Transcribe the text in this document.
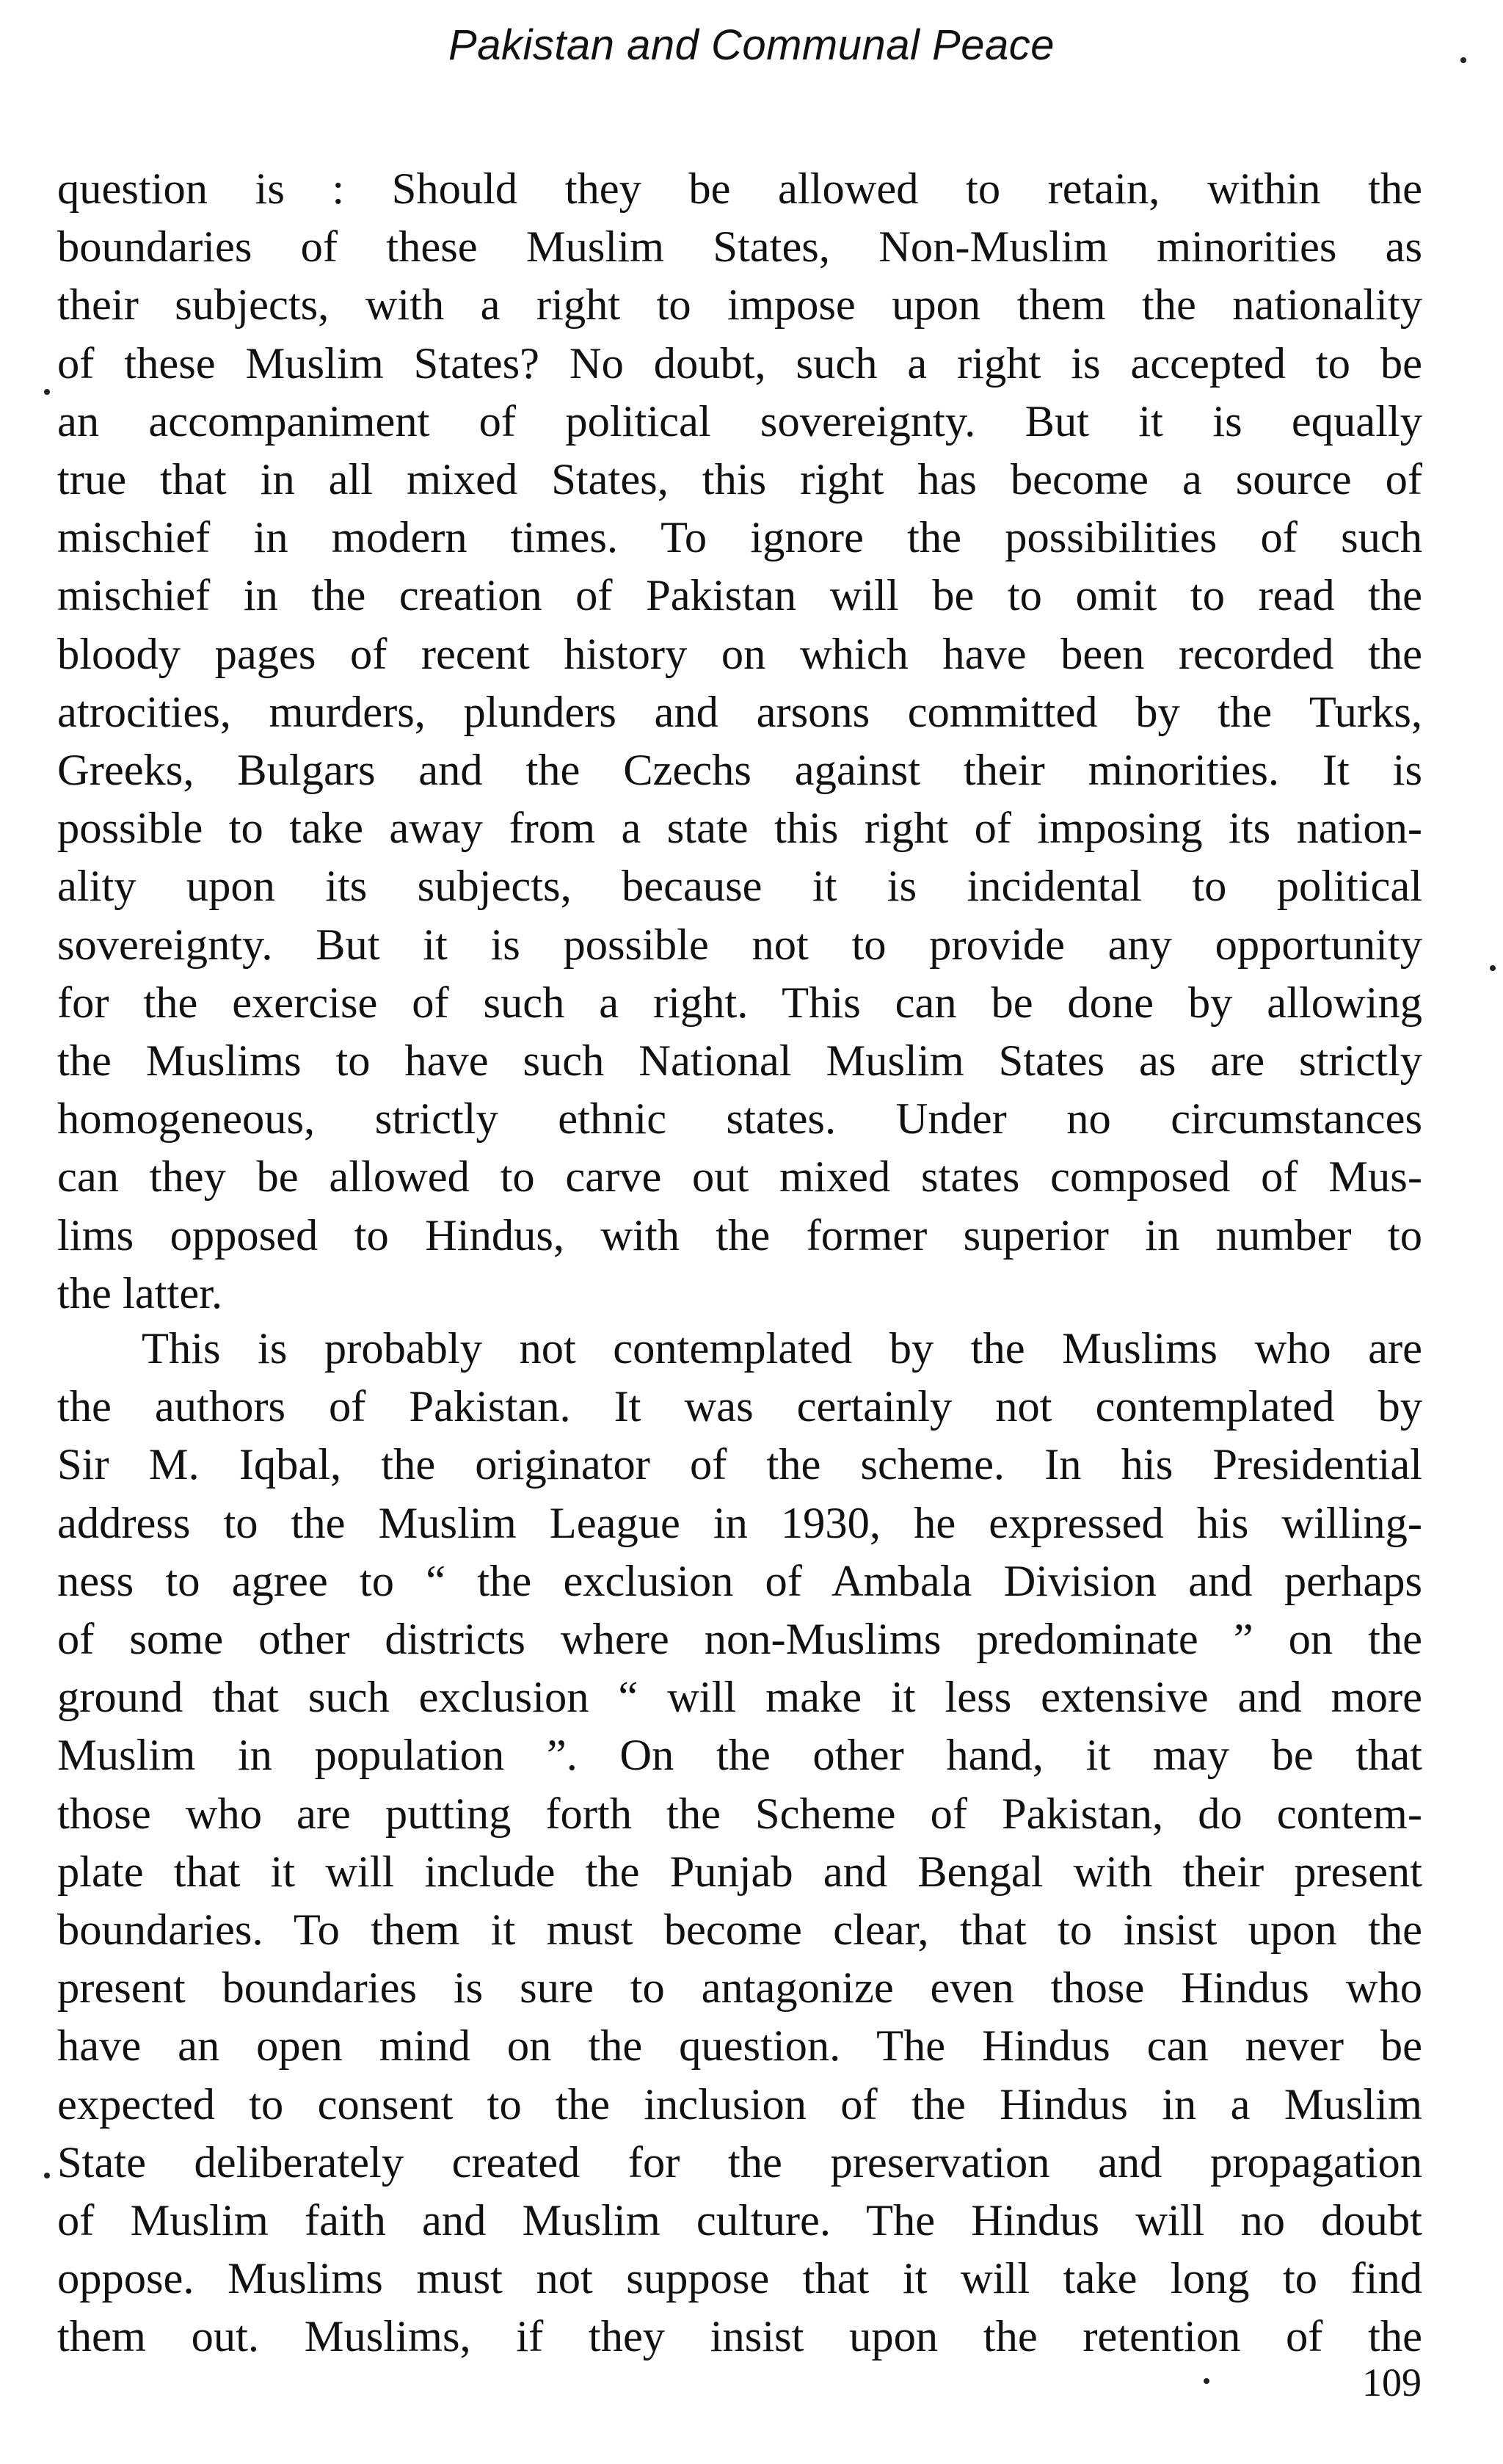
Pakistan and Communal Peace

question is : Should they be allowed to retain, within the
boundaries of these Muslim States, Non-Muslim minorities as
their subjects, with a right to impose upon them the nationality
of these Muslim States? No doubt, such a right is accepted to be
an accompaniment of political sovereignty. But it is equally
true that in all mixed States, this right has become a source of
mischief in modern times. To ignore the possibilities of such
mischief in the creation of Pakistan will be to omit to read the
bloody pages of recent history on which have been recorded the
atrocities, murders, plunders and arsons committed by the Turks,
Greeks, Bulgars and the Czechs against their minorities. It is
possible to take away from a state this right of imposing its nation-
ality upon its subjects, because it is incidental to political
sovereignty. But it is possible not to provide any opportunity
for the exercise of such a right. This can be done by allowing
the Muslims to have such National Muslim States as are strictly
homogeneous, strictly ethnic states. Under no circumstances
can they be allowed to carve out mixed states composed of Mus-
lims opposed to Hindus, with the former superior in number to
the latter.

This is probably not contemplated by the Muslims who are
the authors of Pakistan. It was certainly not contemplated by
Sir M. Iqbal, the originator of the scheme. In his Presidential
address to the Muslim League in 1930, he expressed his willing-
ness to agree to “ the exclusion of Ambala Division and perhaps
of some other districts where non-Muslims predominate ” on the
ground that such exclusion “ will make it less extensive and more
Muslim in population ”. On the other hand, it may be that
those who are putting forth the Scheme of Pakistan, do contem-
plate that it will include the Punjab and Bengal with their present
boundaries. To them it must become clear, that to insist upon the
present boundaries is sure to antagonize even those Hindus who
have an open mind on the question. The Hindus can never be
expected to consent to the inclusion of the Hindus in a Muslim
State deliberately created for the preservation and propagation
of Muslim faith and Muslim culture. The Hindus will no doubt
oppose. Muslims must not suppose that it will take long to find
them out. Muslims, if they insist upon the retention of the

109
